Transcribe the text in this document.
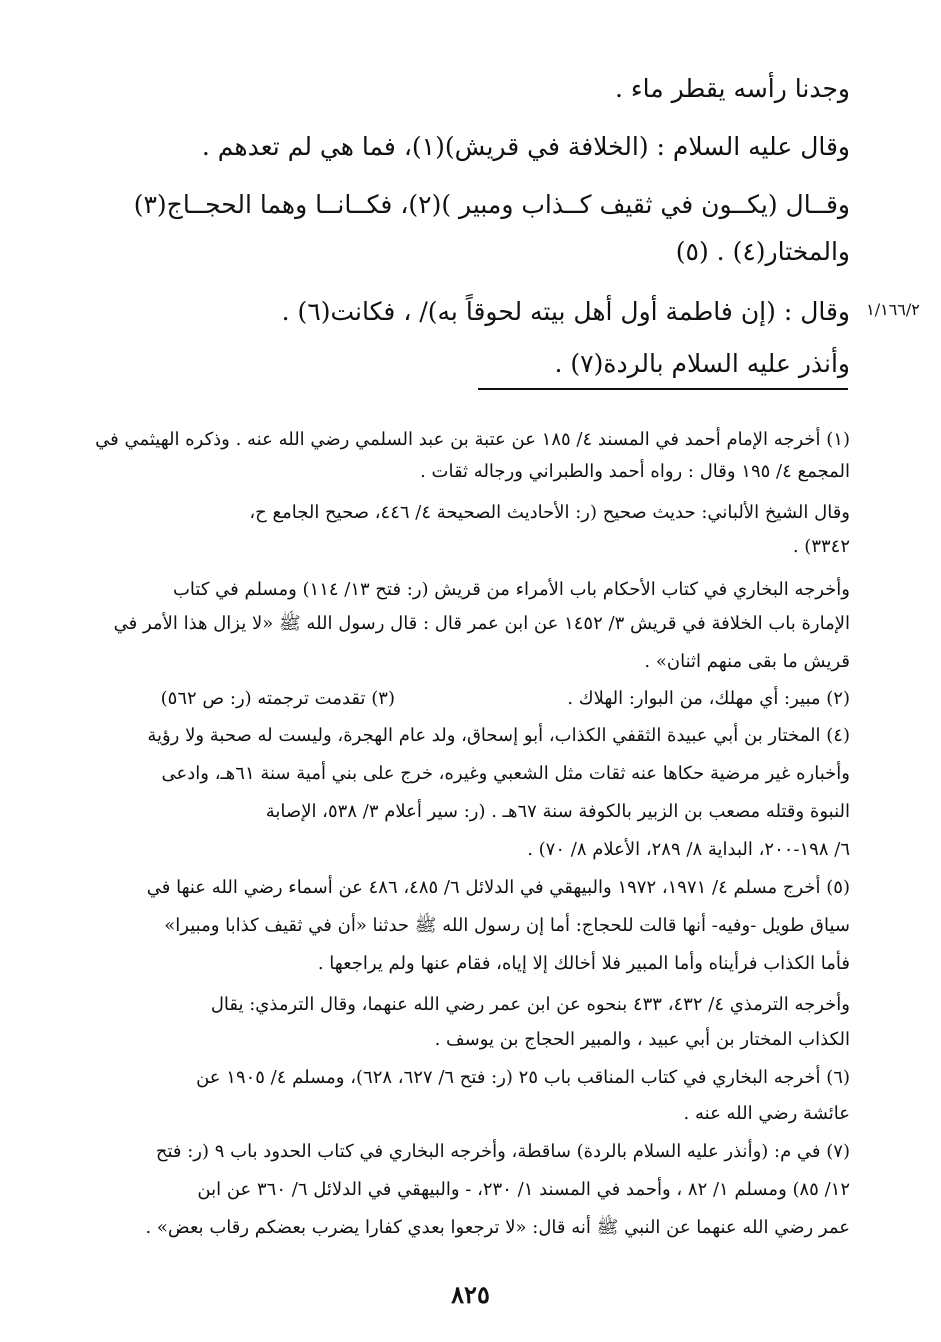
وجدنا رأسه يقطر ماء .
وقال عليه السلام : (الخلافة في قريش)(١)، فما هي لم تعدهم .
وقــال (يكــون في ثقيف كــذاب ومبير )(٢)، فكــانــا وهما الحجــاج(٣)
والمختار(٤) . (٥)
وقال : (إن فاطمة أول أهل بيته لحوقاً به)/ ، فكانت(٦) .
وأنذر عليه السلام بالردة(٧) .
١/١٦٦/٢
(١) أخرجه الإمام أحمد في المسند ٤/ ١٨٥ عن عتبة بن عبد السلمي رضي الله عنه . وذكره الهيثمي في
المجمع ٤/ ١٩٥ وقال : رواه أحمد والطبراني ورجاله ثقات .
وقال الشيخ الألباني: حديث صحيح (ر: الأحاديث الصحيحة ٤/ ٤٤٦، صحيح الجامع ح،
٣٣٤٢) .
وأخرجه البخاري في كتاب الأحكام باب الأمراء من قريش (ر: فتح ١٣/ ١١٤) ومسلم في كتاب
الإمارة باب الخلافة في قريش ٣/ ١٤٥٢ عن ابن عمر قال : قال رسول الله ﷺ «لا يزال هذا الأمر في
قريش ما بقى منهم اثنان» .
(٢) مبير: أي مهلك، من البوار: الهلاك .
(٣) تقدمت ترجمته (ر: ص ٥٦٢)
(٤) المختار بن أبي عبيدة الثقفي الكذاب، أبو إسحاق، ولد عام الهجرة، وليست له صحبة ولا رؤية
وأخباره غير مرضية حكاها عنه ثقات مثل الشعبي وغيره، خرج على بني أمية سنة ٦١هـ، وادعى
النبوة وقتله مصعب بن الزبير بالكوفة سنة ٦٧هـ . (ر: سير أعلام ٣/ ٥٣٨، الإصابة
٦/ ١٩٨-٢٠٠، البداية ٨/ ٢٨٩، الأعلام ٨/ ٧٠) .
(٥) أخرج مسلم ٤/ ١٩٧١، ١٩٧٢ والبيهقي في الدلائل ٦/ ٤٨٥، ٤٨٦ عن أسماء رضي الله عنها في
سياق طويل -وفيه- أنها قالت للحجاج: أما إن رسول الله ﷺ حدثنا «أن في ثقيف كذابا ومبيرا»
فأما الكذاب فرأيناه وأما المبير فلا أخالك إلا إياه، فقام عنها ولم يراجعها .
وأخرجه الترمذي ٤/ ٤٣٢، ٤٣٣ بنحوه عن ابن عمر رضي الله عنهما، وقال الترمذي: يقال
الكذاب المختار بن أبي عبيد ، والمبير الحجاج بن يوسف .
(٦) أخرجه البخاري في كتاب المناقب باب ٢٥ (ر: فتح ٦/ ٦٢٧، ٦٢٨)، ومسلم ٤/ ١٩٠٥ عن
عائشة رضي الله عنه .
(٧) في م: (وأنذر عليه السلام بالردة) ساقطة، وأخرجه البخاري في كتاب الحدود باب ٩ (ر: فتح
١٢/ ٨٥) ومسلم ١/ ٨٢ ، وأحمد في المسند ١/ ٢٣٠، - والبيهقي في الدلائل ٦/ ٣٦٠ عن ابن
عمر رضي الله عنهما عن النبي ﷺ أنه قال: «لا ترجعوا بعدي كفارا يضرب بعضكم رقاب بعض» .
٨٢٥
